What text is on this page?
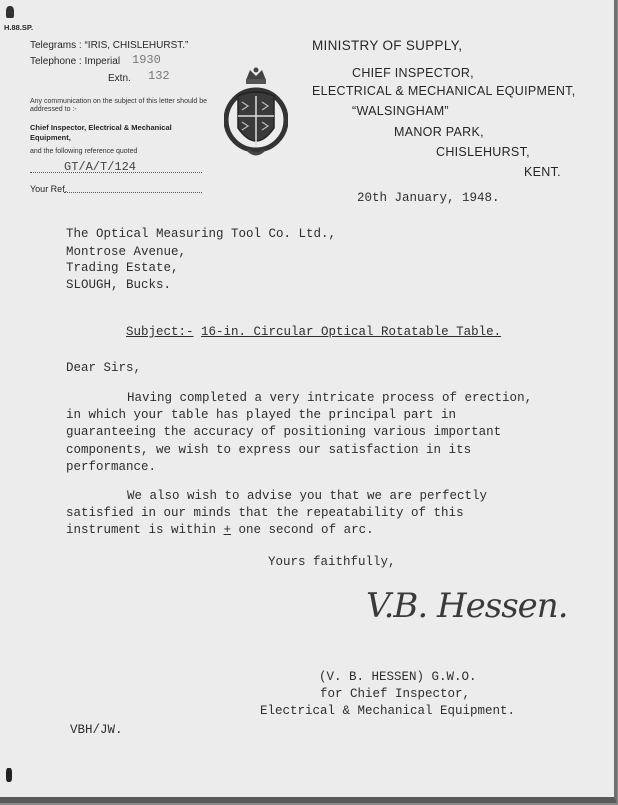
H.88.SP.
Telegrams : “IRIS, CHISLEHURST.”
Telephone : Imperial 1930
Extn. 132
Any communication on the subject of this letter should be addressed to :-
Chief Inspector, Electrical & Mechanical Equipment,
and the following reference quoted
GT/A/T/124
Your Ref.
MINISTRY OF SUPPLY,
CHIEF INSPECTOR,
ELECTRICAL & MECHANICAL EQUIPMENT,
“WALSINGHAM”
MANOR PARK,
CHISLEHURST,
KENT.
20th January, 1948.
The Optical Measuring Tool Co. Ltd.,
Montrose Avenue,
Trading Estate,
SLOUGH, Bucks.
Subject:- 16-in. Circular Optical Rotatable Table.
Dear Sirs,
Having completed a very intricate process of erection,
in which your table has played the principal part in
guaranteeing the accuracy of positioning various important
components, we wish to express our satisfaction in its
performance.
We also wish to advise you that we are perfectly
satisfied in our minds that the repeatability of this
instrument is within + one second of arc.
Yours faithfully,
V.B. Hessen.
(V. B. HESSEN) G.W.O.
for Chief Inspector,
Electrical & Mechanical Equipment.
VBH/JW.
